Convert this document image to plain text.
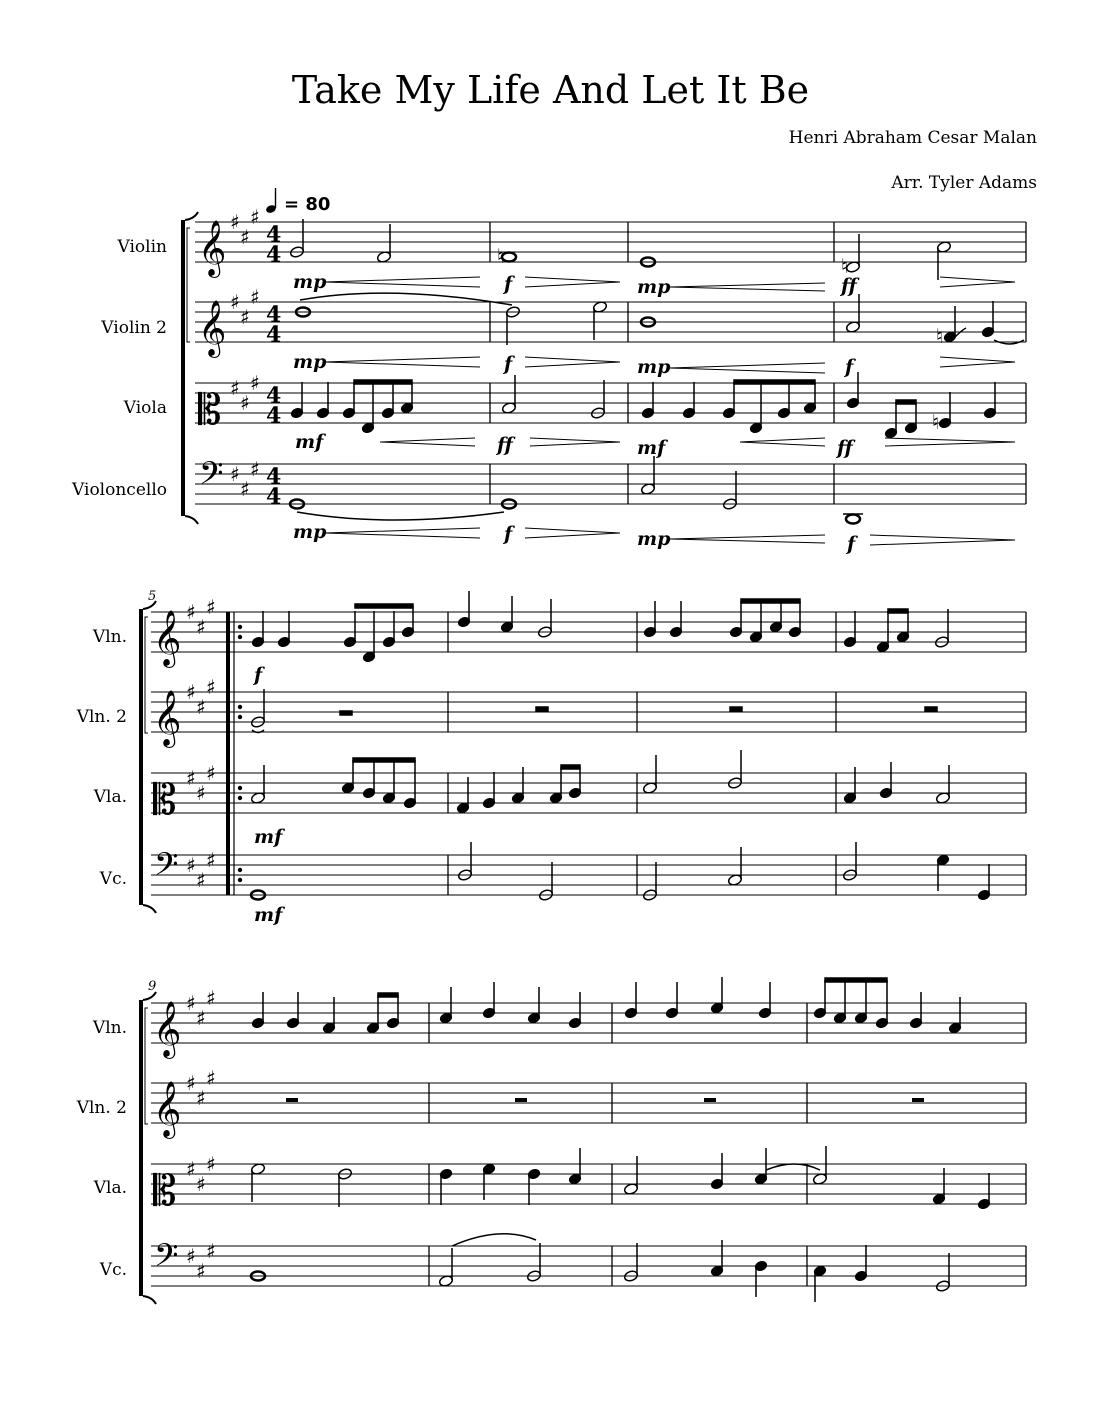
Take My Life And Let It Be
Henri Abraham Cesar Malan
Arr. Tyler Adams
= 80
Violin
Violin 2
Viola
Violoncello
𝄞
𝄞
𝄡
𝄢
♯
♯
♯
♯
♯
♯
♯
♯
♯
♯
♯
♯
4
4
4
4
4
4
4
4
♮	♮
♮
♮
mp	f	mp	ff
mp	f	mp	f
mf	ff	mf	ff
mp	f	mp	f
5
Vln.
Vln. 2
Vla.
Vc.
𝄞
𝄞
𝄡
𝄢
♯
♯
♯
♯
♯
♯
♯
♯
♯
♯
♯
♯
f
mf
mf
9
Vln.
Vln. 2
Vla.
Vc.
𝄞
𝄞
𝄡
𝄢
♯
♯
♯
♯
♯
♯
♯
♯
♯
♯
♯
♯
